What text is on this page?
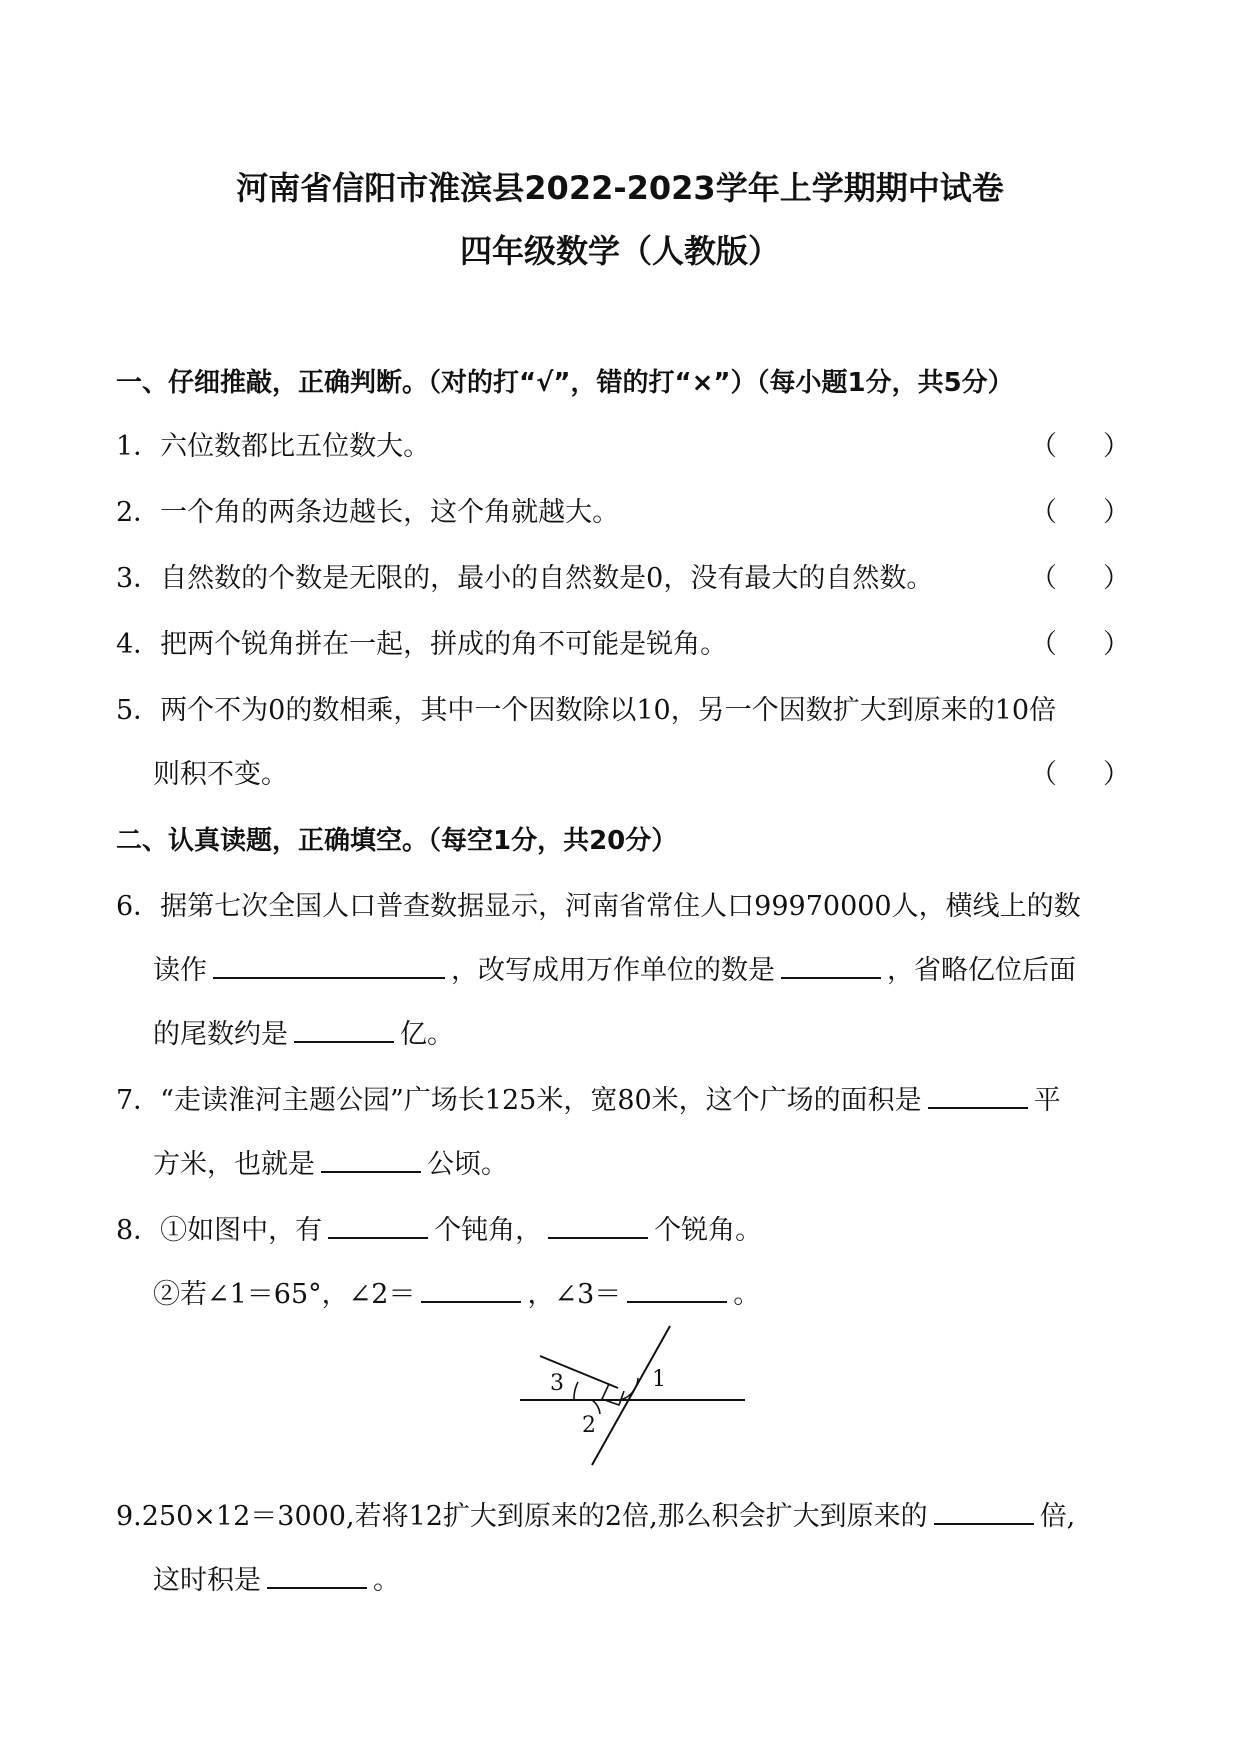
河南省信阳市淮滨县2022-2023学年上学期期中试卷
四年级数学（人教版）
一、仔细推敲，正确判断。（对的打“√”，错的打“×”）（每小题1分，共5分）
1．六位数都比五位数大。	（ ）
2．一个角的两条边越长，这个角就越大。	（ ）
3．自然数的个数是无限的，最小的自然数是0，没有最大的自然数。	（ ）
4．把两个锐角拼在一起，拼成的角不可能是锐角。	（ ）
5．两个不为0的数相乘，其中一个因数除以10，另一个因数扩大到原来的10倍
则积不变。	（ ）
二、认真读题，正确填空。（每空1分，共20分）
6．据第七次全国人口普查数据显示，河南省常住人口99970000人，横线上的数
读作	，改写成用万作单位的数是	，省略亿位后面
的尾数约是	亿。
7．“走读淮河主题公园”广场长125米，宽80米，这个广场的面积是	平
方米，也就是	公顷。
8．①如图中，有	个钝角，	个锐角。
②若∠1＝65°，∠2＝	，∠3＝	。
1
2
3
9.250×12＝3000,若将12扩大到原来的2倍,那么积会扩大到原来的	倍,
这时积是	。
